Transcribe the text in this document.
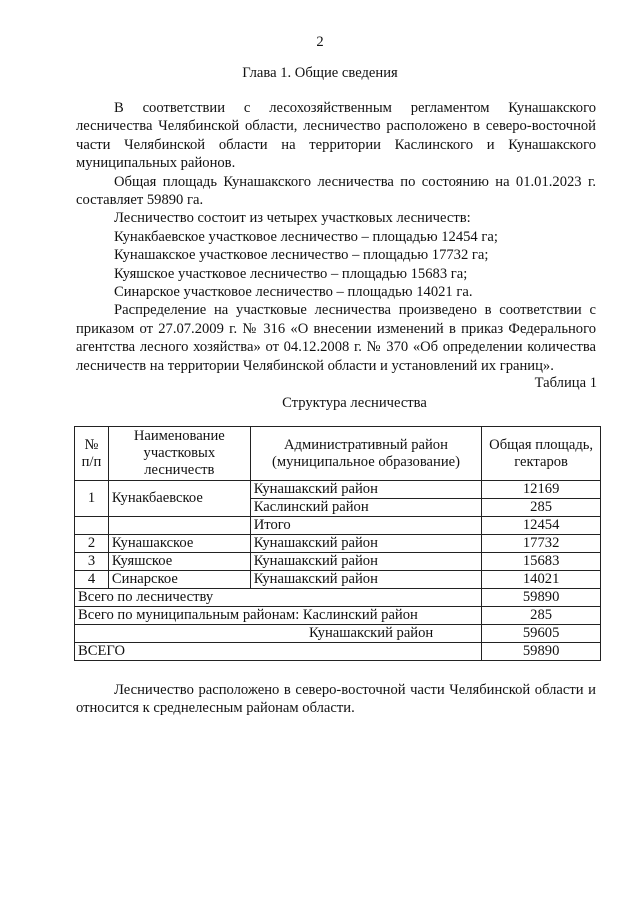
2
Глава 1. Общие сведения

В соответствии с лесохозяйственным регламентом Кунашакского лесничества Челябинской области, лесничество расположено в северо-восточной части Челябинской области на территории Каслинского и Кунашакского муниципальных районов.

Общая площадь Кунашакского лесничества по состоянию на 01.01.2023 г. составляет 59890 га.

Лесничество состоит из четырех участковых лесничеств:

Кунакбаевское участковое лесничество – площадью 12454 га;

Кунашакское участковое лесничество – площадью 17732 га;

Куяшское участковое лесничество – площадью 15683 га;

Синарское участковое лесничество – площадью 14021 га.

Распределение на участковые лесничества произведено в соответствии с приказом от 27.07.2009 г. № 316 «О внесении изменений в приказ Федерального агентства лесного хозяйства» от 04.12.2008 г. № 370 «Об определении количества лесничеств на территории Челябинской области и установлений их границ».

Таблица 1
Структура лесничества
№ п/п	Наименование участковых лесничеств	Административный район (муниципальное образование)	Общая площадь, гектаров
1	Кунакбаевское	Кунашакский район	12169
		Каслинский район	285
		Итого	12454
2	Кунашакское	Кунашакский район	17732
3	Куяшское	Кунашакский район	15683
4	Синарское	Кунашакский район	14021
Всего по лесничеству			59890
Всего по муниципальным районам: Каслинский район			285
Кунашакский район			59605
ВСЕГО			59890

Лесничество расположено в северо-восточной части Челябинской области и относится к среднелесным районам области.
